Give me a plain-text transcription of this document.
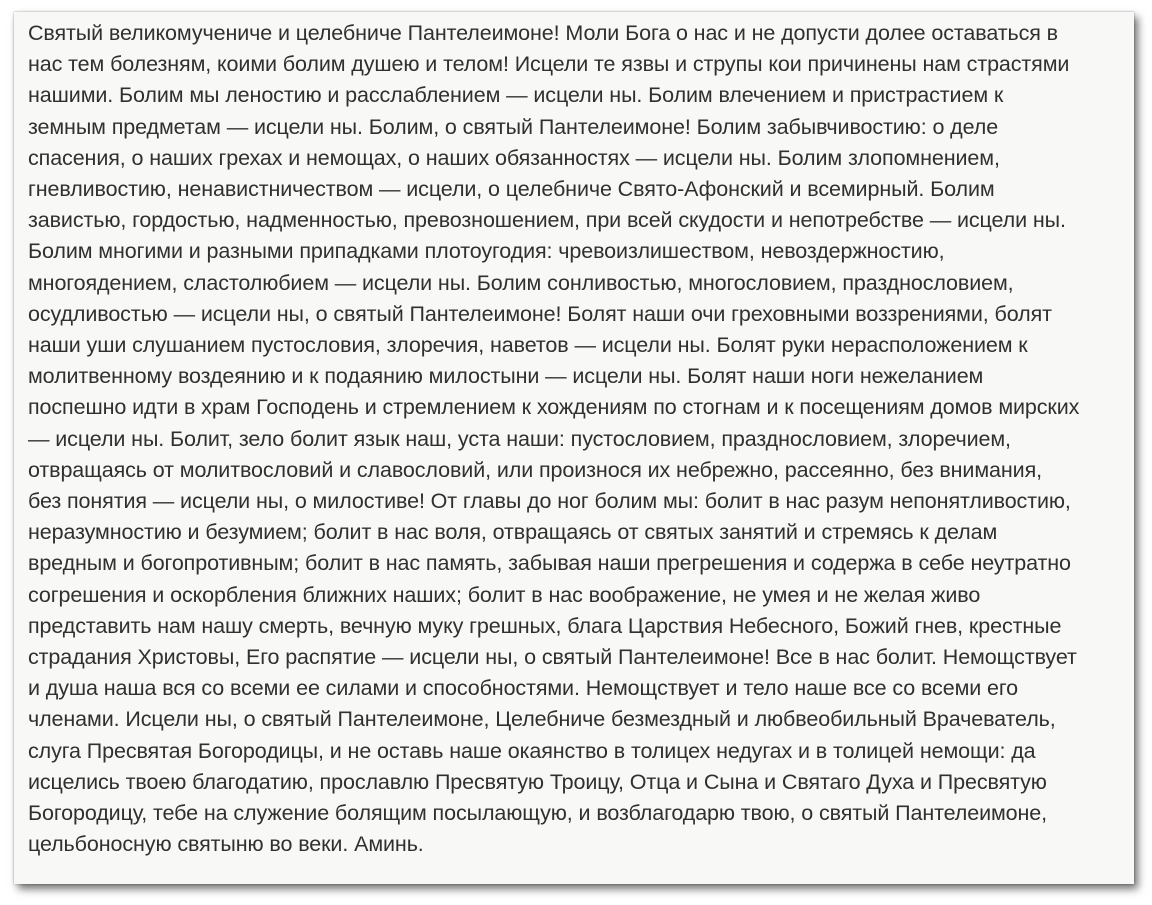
Святый великомучениче и целебниче Пантелеимоне! Моли Бога о нас и не допусти долее оставаться в
нас тем болезням, коими болим душею и телом! Исцели те язвы и струпы кои причинены нам страстями
нашими. Болим мы леностию и расслаблением — исцели ны. Болим влечением и пристрастием к
земным предметам — исцели ны. Болим, о святый Пантелеимоне! Болим забывчивостию: о деле
спасения, о наших грехах и немощах, о наших обязанностях — исцели ны. Болим злопомнением,
гневливостию, ненавистничеством — исцели, о целебниче Свято-Афонский и всемирный. Болим
завистью, гордостью, надменностью, превозношением, при всей скудости и непотребстве — исцели ны.
Болим многими и разными припадками плотоугодия: чревоизлишеством, невоздержностию,
многоядением, сластолюбием — исцели ны. Болим сонливостью, многословием, празднословием,
осудливостью — исцели ны, о святый Пантелеимоне! Болят наши очи греховными воззрениями, болят
наши уши слушанием пустословия, злоречия, наветов — исцели ны. Болят руки нерасположением к
молитвенному воздеянию и к подаянию милостыни — исцели ны. Болят наши ноги нежеланием
поспешно идти в храм Господень и стремлением к хождениям по стогнам и к посещениям домов мирских
— исцели ны. Болит, зело болит язык наш, уста наши: пустословием, празднословием, злоречием,
отвращаясь от молитвословий и славословий, или произнося их небрежно, рассеянно, без внимания,
без понятия — исцели ны, о милостиве! От главы до ног болим мы: болит в нас разум непонятливостию,
неразумностию и безумием; болит в нас воля, отвращаясь от святых занятий и стремясь к делам
вредным и богопротивным; болит в нас память, забывая наши прегрешения и содержа в себе неутратно
согрешения и оскорбления ближних наших; болит в нас воображение, не умея и не желая живо
представить нам нашу смерть, вечную муку грешных, блага Царствия Небесного, Божий гнев, крестные
страдания Христовы, Его распятие — исцели ны, о святый Пантелеимоне! Все в нас болит. Немощствует
и душа наша вся со всеми ее силами и способностями. Немощствует и тело наше все со всеми его
членами. Исцели ны, о святый Пантелеимоне, Целебниче безмездный и любвеобильный Врачеватель,
слуга Пресвятая Богородицы, и не оставь наше окаянство в толицех недугах и в толицей немощи: да
исцелись твоею благодатию, прославлю Пресвятую Троицу, Отца и Сына и Святаго Духа и Пресвятую
Богородицу, тебе на служение болящим посылающую, и возблагодарю твою, о святый Пантелеимоне,
цельбоносную святыню во веки. Аминь.
